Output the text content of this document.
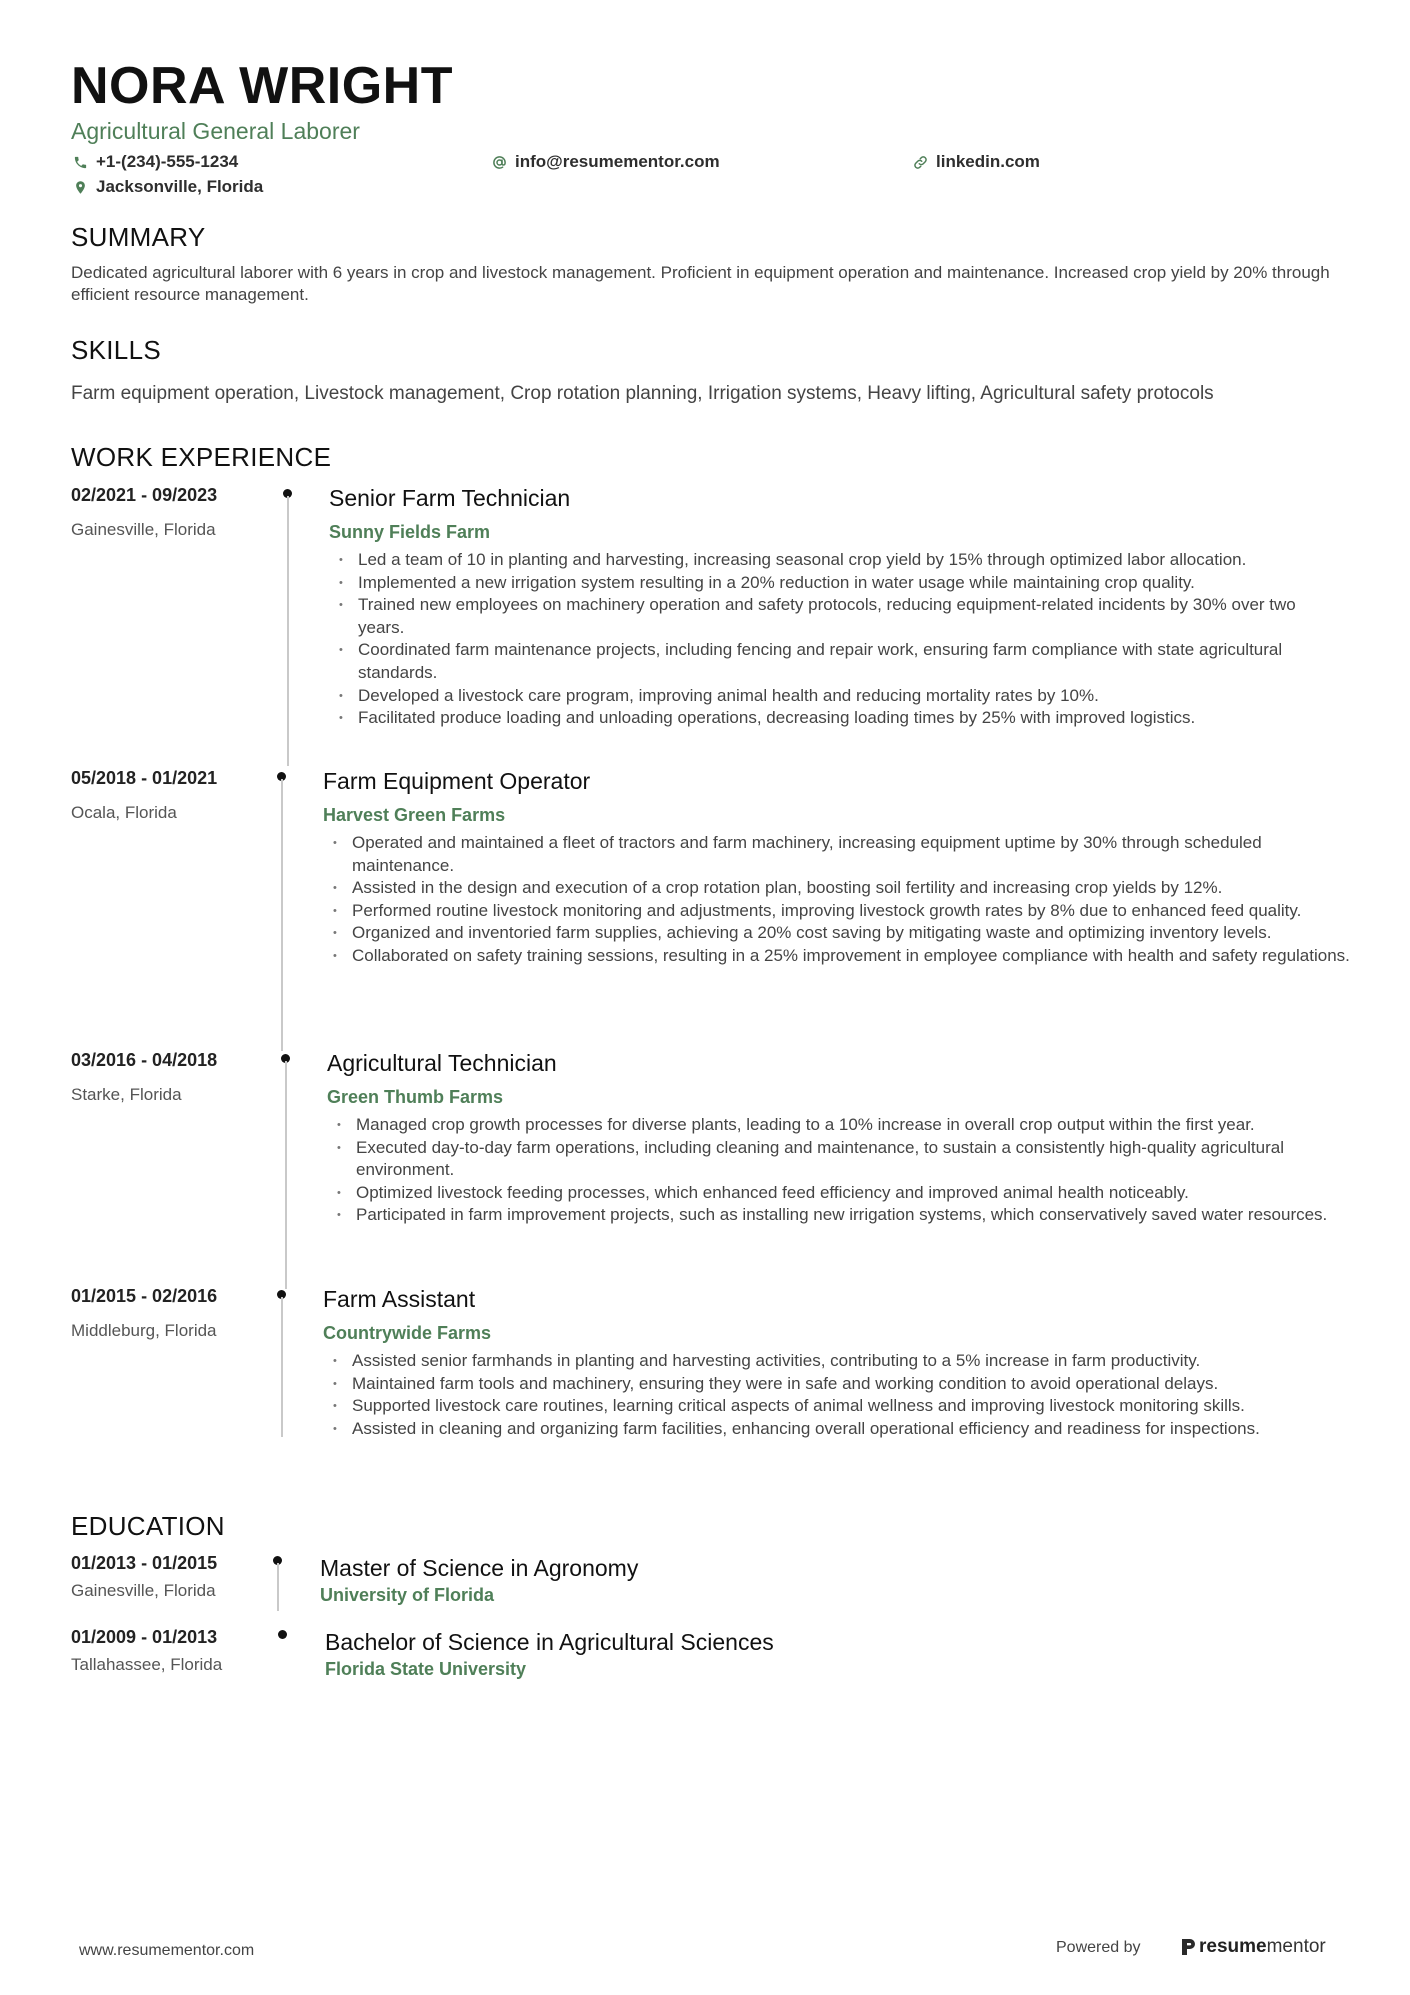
NORA WRIGHT
Agricultural General Laborer
+1-(234)-555-1234	info@resumementor.com	linkedin.com
Jacksonville, Florida
SUMMARY
Dedicated agricultural laborer with 6 years in crop and livestock management. Proficient in equipment operation and maintenance. Increased crop yield by 20% through efficient resource management.
SKILLS
Farm equipment operation, Livestock management, Crop rotation planning, Irrigation systems, Heavy lifting, Agricultural safety protocols
WORK EXPERIENCE
02/2021 - 09/2023
Gainesville, Florida
Senior Farm Technician
Sunny Fields Farm
• Led a team of 10 in planting and harvesting, increasing seasonal crop yield by 15% through optimized labor allocation.
• Implemented a new irrigation system resulting in a 20% reduction in water usage while maintaining crop quality.
• Trained new employees on machinery operation and safety protocols, reducing equipment-related incidents by 30% over two years.
• Coordinated farm maintenance projects, including fencing and repair work, ensuring farm compliance with state agricultural standards.
• Developed a livestock care program, improving animal health and reducing mortality rates by 10%.
• Facilitated produce loading and unloading operations, decreasing loading times by 25% with improved logistics.
05/2018 - 01/2021
Ocala, Florida
Farm Equipment Operator
Harvest Green Farms
• Operated and maintained a fleet of tractors and farm machinery, increasing equipment uptime by 30% through scheduled maintenance.
• Assisted in the design and execution of a crop rotation plan, boosting soil fertility and increasing crop yields by 12%.
• Performed routine livestock monitoring and adjustments, improving livestock growth rates by 8% due to enhanced feed quality.
• Organized and inventoried farm supplies, achieving a 20% cost saving by mitigating waste and optimizing inventory levels.
• Collaborated on safety training sessions, resulting in a 25% improvement in employee compliance with health and safety regulations.
03/2016 - 04/2018
Starke, Florida
Agricultural Technician
Green Thumb Farms
• Managed crop growth processes for diverse plants, leading to a 10% increase in overall crop output within the first year.
• Executed day-to-day farm operations, including cleaning and maintenance, to sustain a consistently high-quality agricultural environment.
• Optimized livestock feeding processes, which enhanced feed efficiency and improved animal health noticeably.
• Participated in farm improvement projects, such as installing new irrigation systems, which conservatively saved water resources.
01/2015 - 02/2016
Middleburg, Florida
Farm Assistant
Countrywide Farms
• Assisted senior farmhands in planting and harvesting activities, contributing to a 5% increase in farm productivity.
• Maintained farm tools and machinery, ensuring they were in safe and working condition to avoid operational delays.
• Supported livestock care routines, learning critical aspects of animal wellness and improving livestock monitoring skills.
• Assisted in cleaning and organizing farm facilities, enhancing overall operational efficiency and readiness for inspections.
EDUCATION
01/2013 - 01/2015
Gainesville, Florida
Master of Science in Agronomy
University of Florida
01/2009 - 01/2013
Tallahassee, Florida
Bachelor of Science in Agricultural Sciences
Florida State University
www.resumementor.com	Powered by	resume mentor
